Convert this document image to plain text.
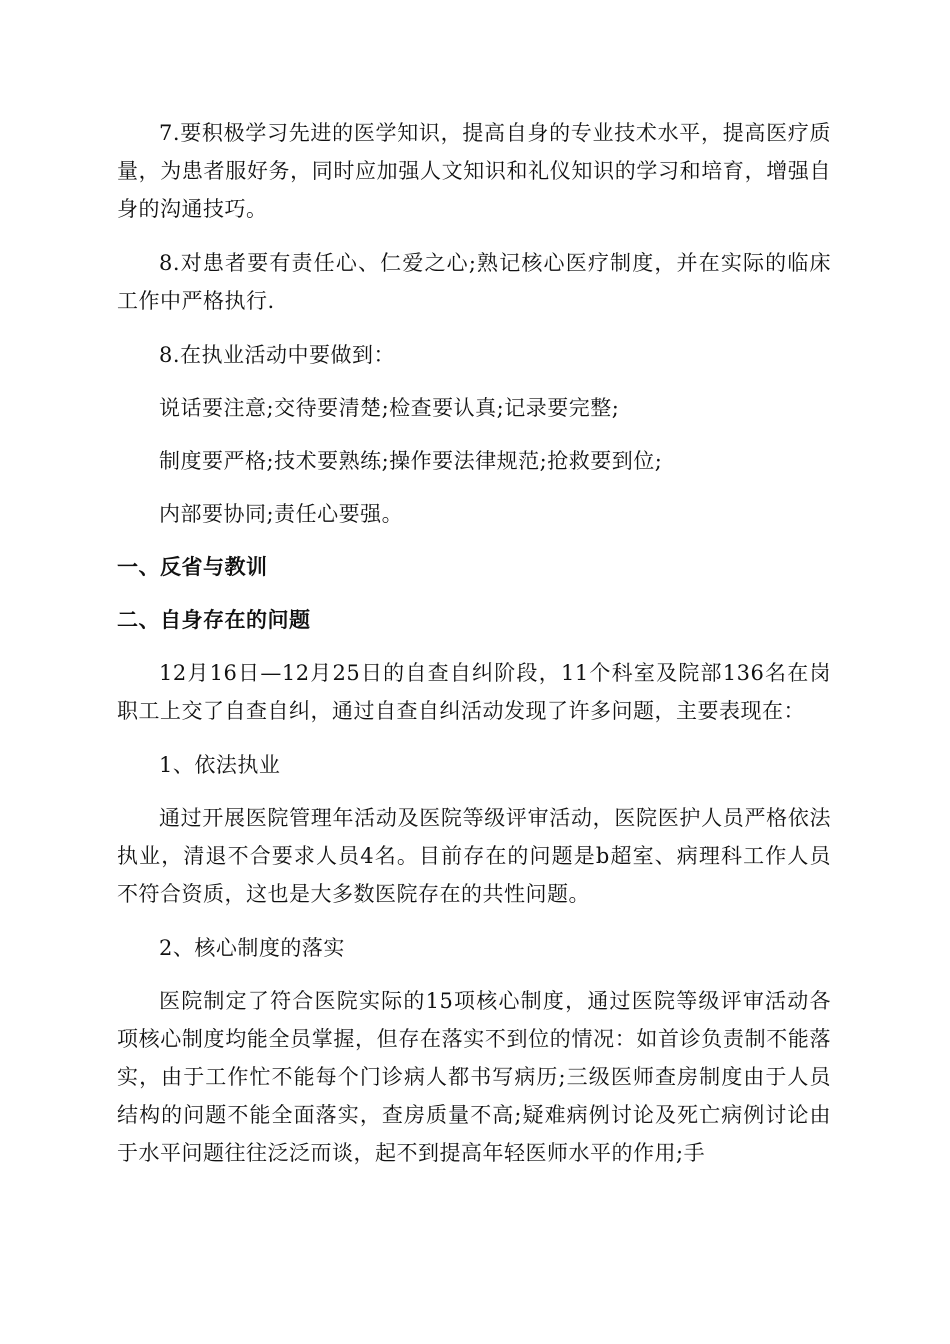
7.要积极学习先进的医学知识，提高自身的专业技术水平，提高医疗质量，为患者服好务，同时应加强人文知识和礼仪知识的学习和培育，增强自身的沟通技巧。

8.对患者要有责任心、仁爱之心;熟记核心医疗制度，并在实际的临床工作中严格执行.

8.在执业活动中要做到：

说话要注意;交待要清楚;检查要认真;记录要完整;

制度要严格;技术要熟练;操作要法律规范;抢救要到位;

内部要协同;责任心要强。

一、反省与教训

二、自身存在的问题

12月16日—12月25日的自查自纠阶段，11个科室及院部136名在岗职工上交了自查自纠，通过自查自纠活动发现了许多问题，主要表现在：

1、依法执业

通过开展医院管理年活动及医院等级评审活动，医院医护人员严格依法执业，清退不合要求人员4名。目前存在的问题是b超室、病理科工作人员不符合资质，这也是大多数医院存在的共性问题。

2、核心制度的落实

医院制定了符合医院实际的15项核心制度，通过医院等级评审活动各项核心制度均能全员掌握，但存在落实不到位的情况：如首诊负责制不能落实，由于工作忙不能每个门诊病人都书写病历;三级医师查房制度由于人员结构的问题不能全面落实，查房质量不高;疑难病例讨论及死亡病例讨论由于水平问题往往泛泛而谈，起不到提高年轻医师水平的作用;手
